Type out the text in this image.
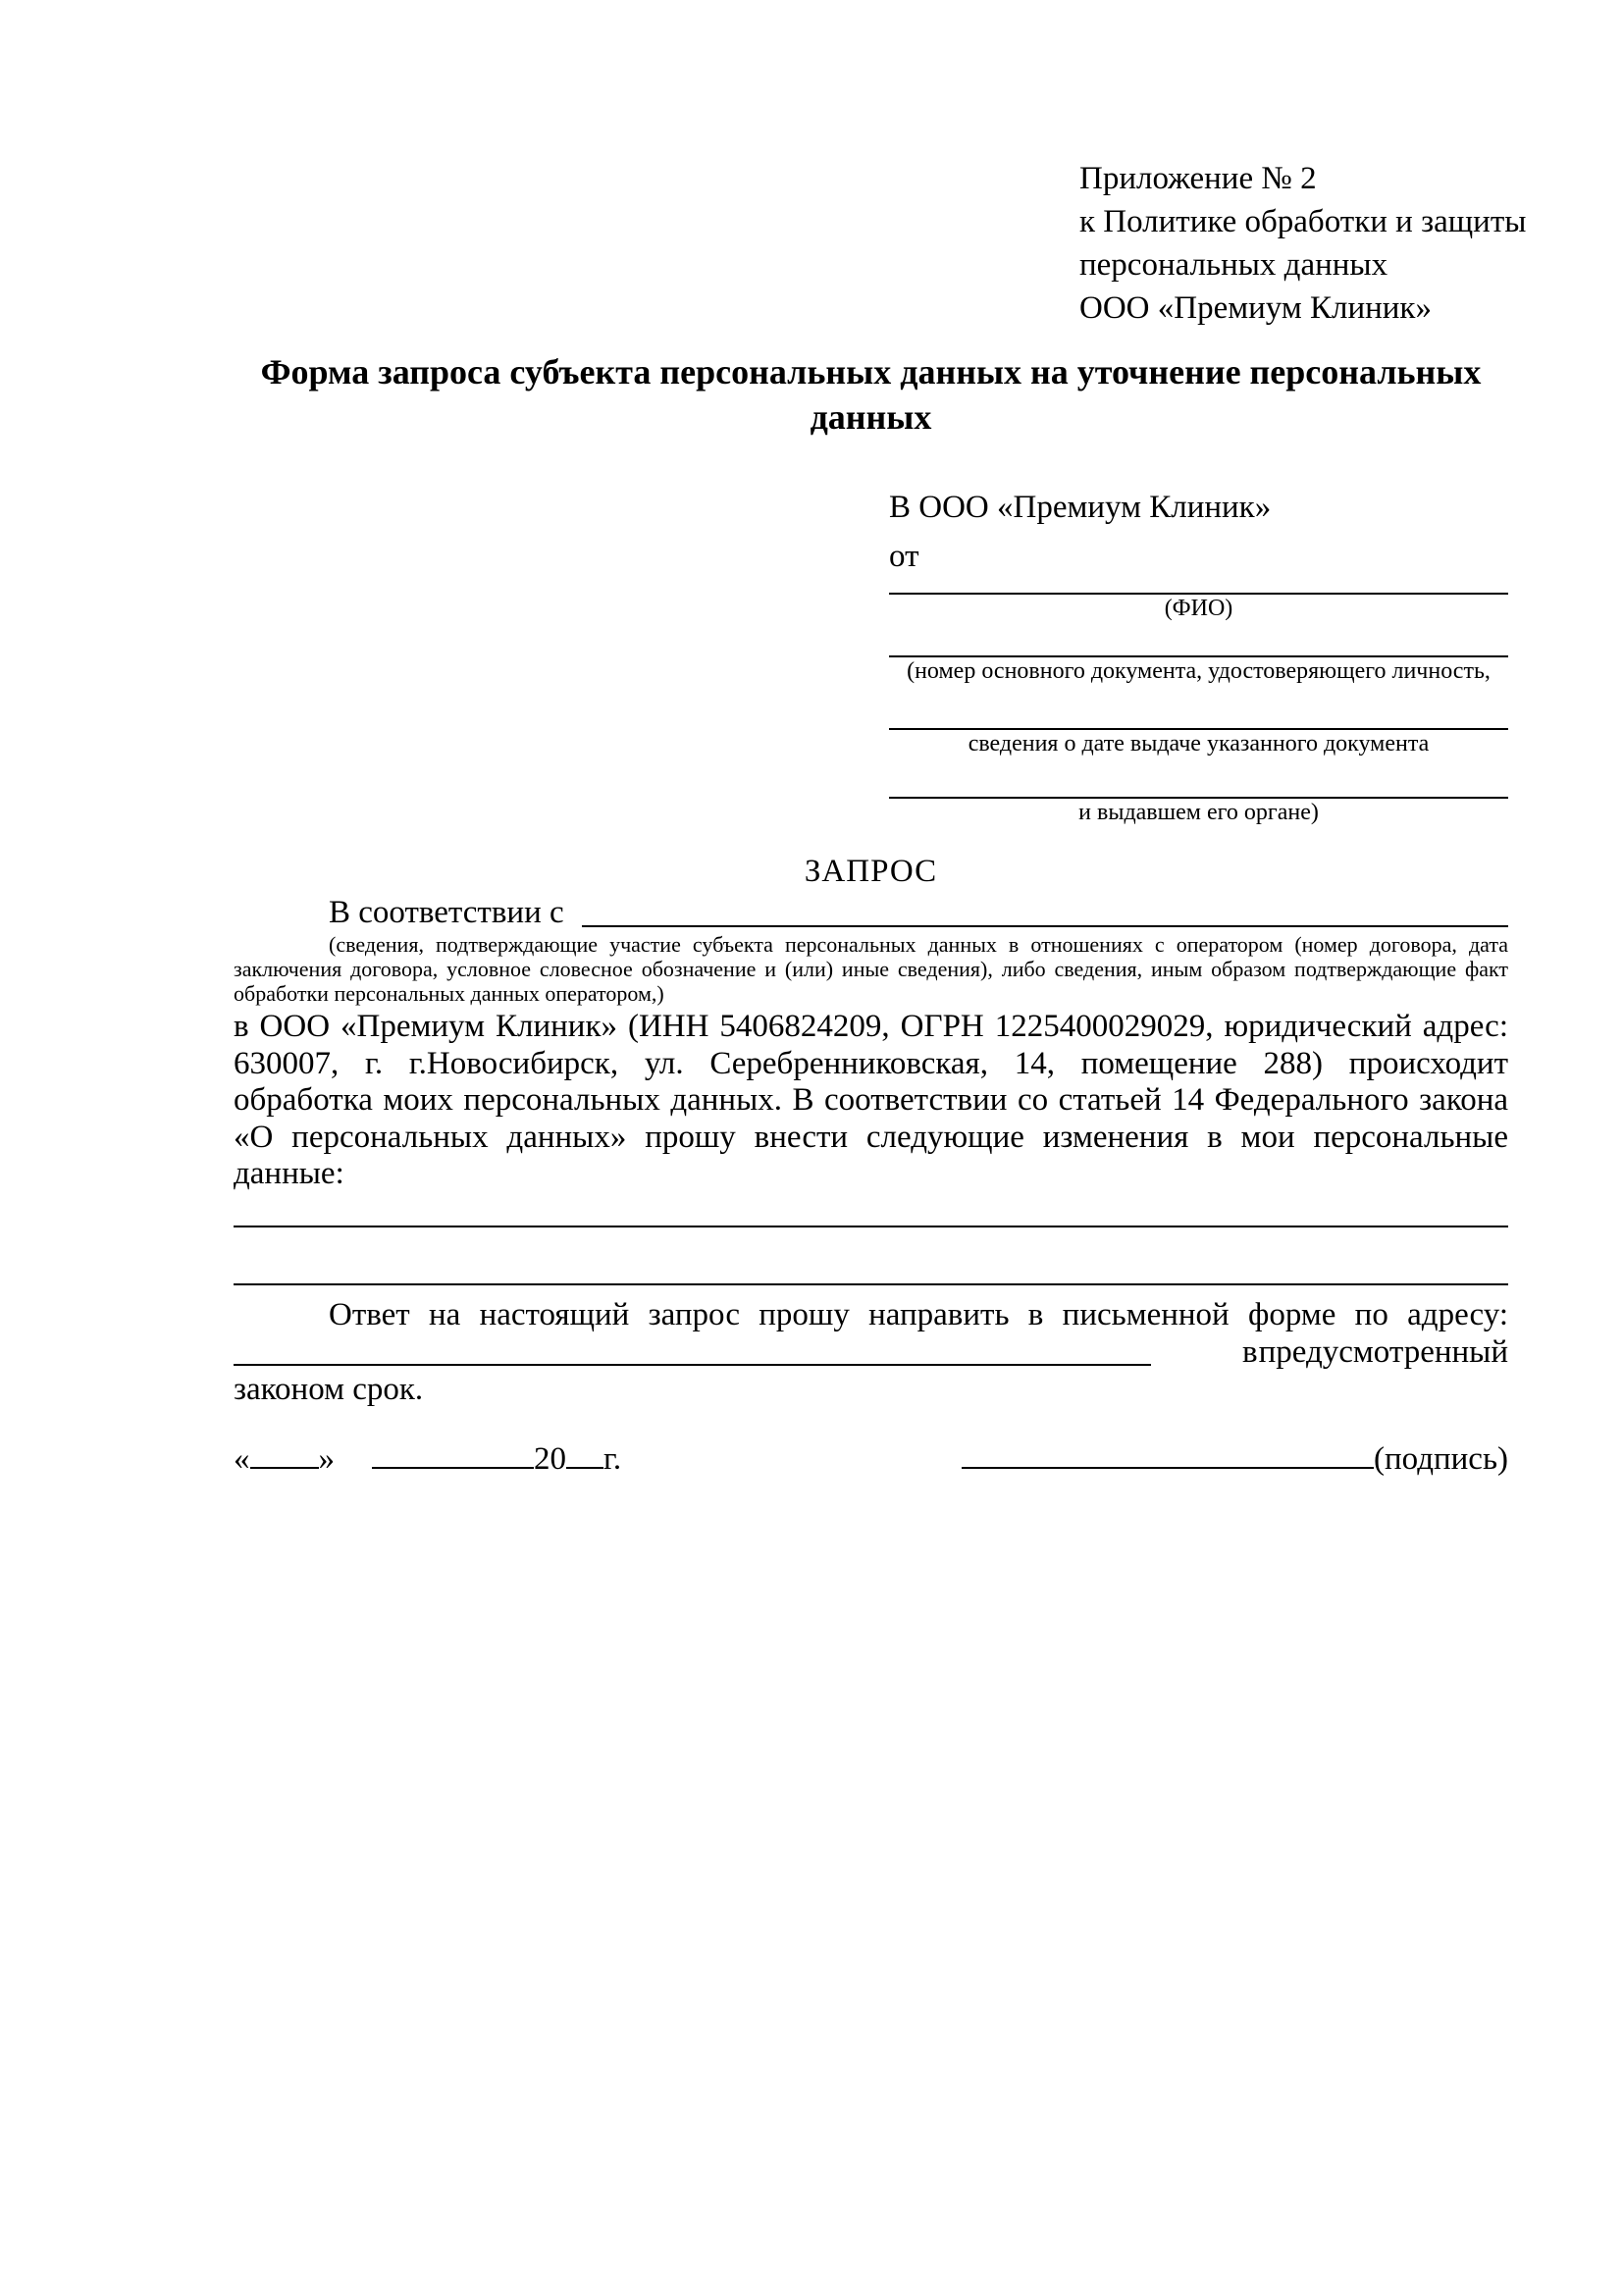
Приложение № 2
к Политике обработки и защиты
персональных данных
ООО «Премиум Клиник»
Форма запроса субъекта персональных данных на уточнение персональных данных
В ООО «Премиум Клиник»
от
(ФИО)
(номер основного документа, удостоверяющего личность,
сведения о дате выдаче указанного документа
и выдавшем его органе)
ЗАПРОС
В соответствии с
(сведения, подтверждающие участие субъекта персональных данных в отношениях с оператором (номер договора, дата заключения договора, условное словесное обозначение и (или) иные сведения), либо сведения, иным образом подтверждающие факт обработки персональных данных оператором,)
в ООО «Премиум Клиник» (ИНН 5406824209, ОГРН 1225400029029, юридический адрес: 630007, г. г.Новосибирск, ул. Серебренниковская, 14, помещение 288) происходит обработка моих персональных данных. В соответствии со статьей 14 Федерального закона «О персональных данных» прошу внести следующие изменения в мои персональные данные:
Ответ на настоящий запрос прошу направить в письменной форме по адресу:
в предусмотренный
законом срок.
« »	20 г.	(подпись)
